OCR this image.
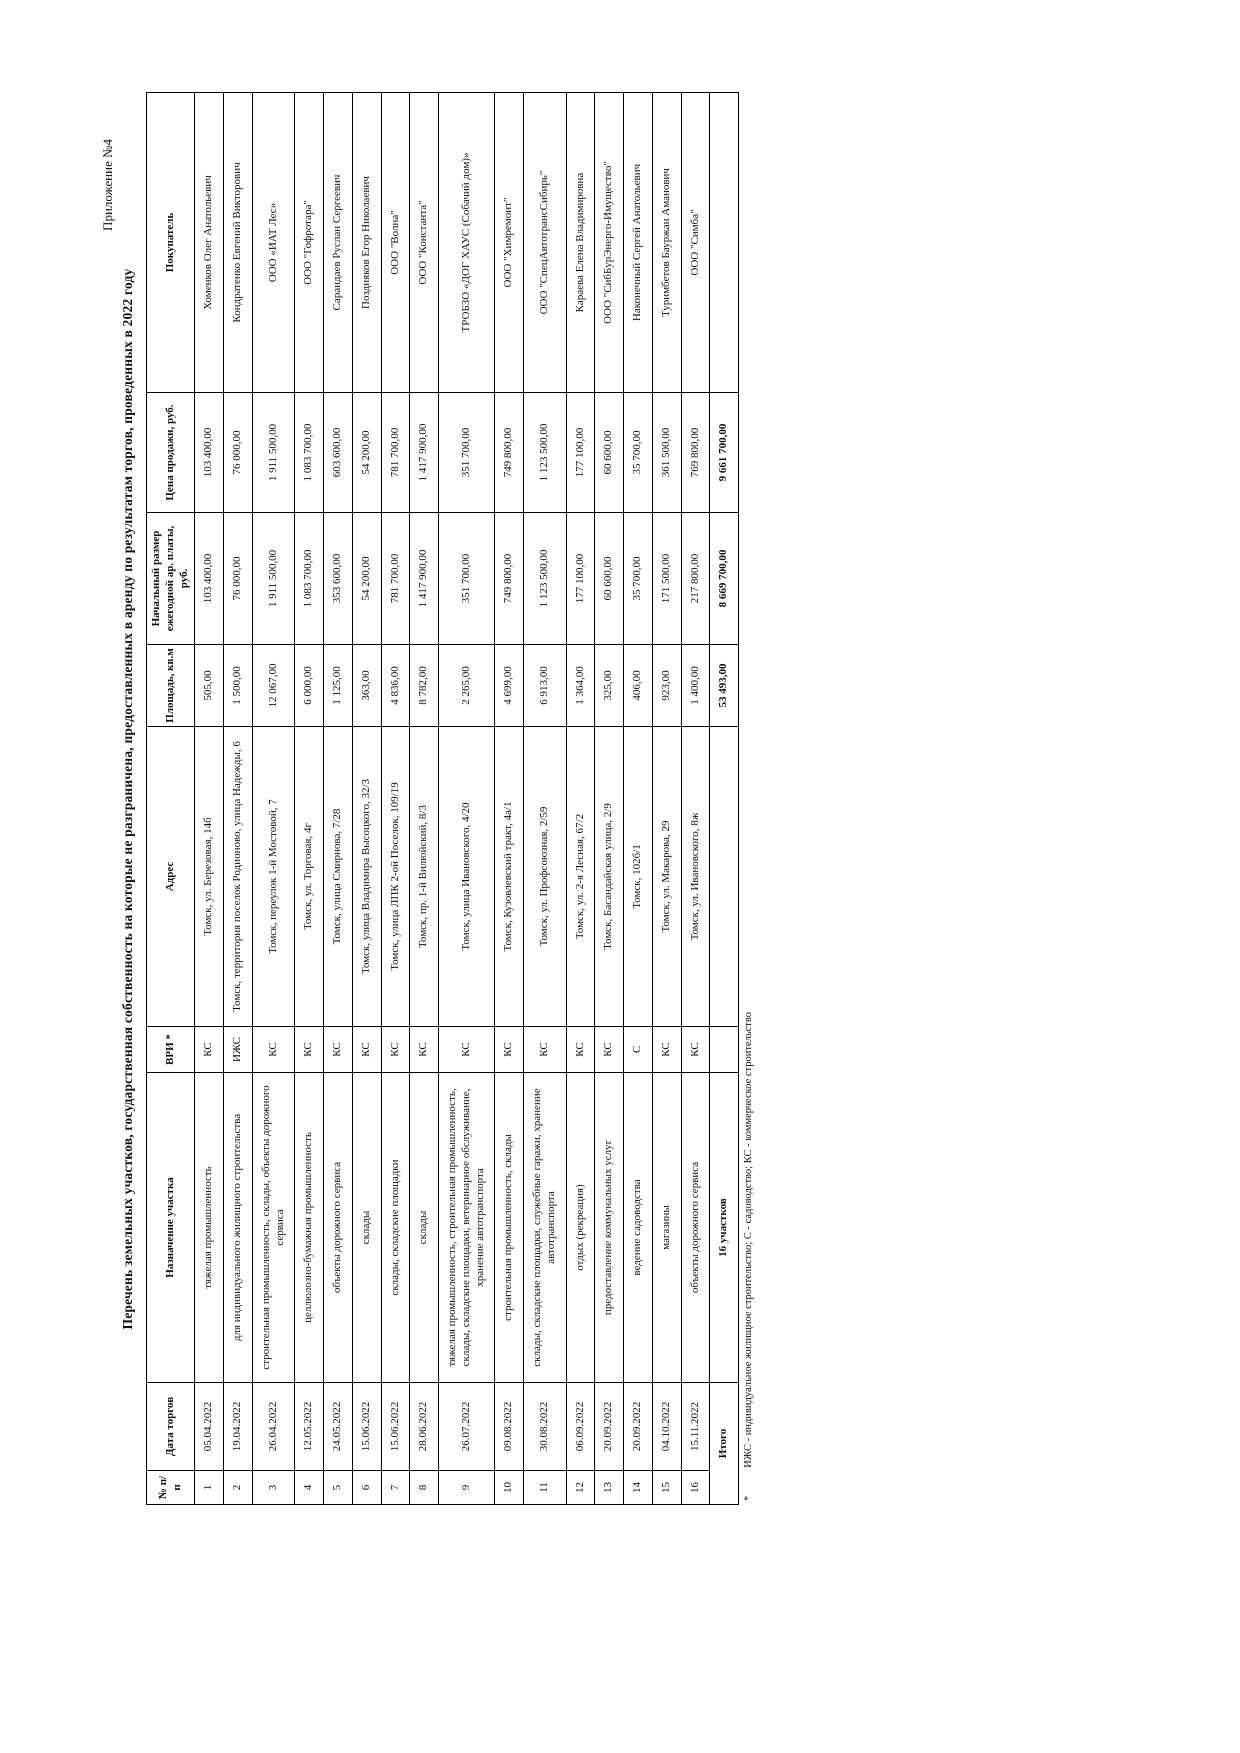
Приложение №4
Перечень земельных участков, государственная собственность на которые не разграничена, предоставленных в аренду по результатам торгов, проведенных в 2022 году
№ п/п	Дата торгов	Назначение участка	ВРИ *	Адрес	Площадь, кв.м	Начальный размер ежегодной ар. платы, руб.	Цена продажи, руб.	Покупатель
1	05.04.2022	тяжелая промышленность	КС	Томск, ул. Березовая, 14б	505,00	103 400,00	103 400,00	Хоменков Олег Анатольевич
2	19.04.2022	для индивидуального жилищного строительства	ИЖС	Томск, территория поселок Родионово, улица Надежды, 6	1 500,00	76 000,00	76 000,00	Кондратенко Евгений Викторович
3	26.04.2022	строительная промышленность, склады, объекты дорожного сервиса	КС	Томск, переулок 1-й Мостовой, 7	12 067,00	1 911 500,00	1 911 500,00	ООО «ИАТ Лес»
4	12.05.2022	целлюлозно-бумажная промышленность	КС	Томск, ул. Торговая, 4г	6 000,00	1 083 700,00	1 083 700,00	ООО "Гофротара"
5	24.05.2022	объекты дорожного сервиса	КС	Томск, улица Смирнова, 7/28	1 125,00	353 600,00	603 600,00	Сарандаев Руслан Сергеевич
6	15.06.2022	склады	КС	Томск, улица Владимира Высоцкого, 32/3	363,00	54 200,00	54 200,00	Поздняков Егор Николаевич
7	15.06.2022	склады, складские площадки	КС	Томск, улица ЛПК 2-ой Поселок, 109/19	4 836,00	781 700,00	781 700,00	ООО "Волна"
8	28.06.2022	склады	КС	Томск, пр. 1-й Вилюйский, 8/3	8 782,00	1 417 900,00	1 417 900,00	ООО "Константа"
9	26.07.2022	тяжелая промышленность, строительная промышленность, склады, складские площадки, ветеринарное обслуживание, хранение автотранспорта	КС	Томск, улица Ивановского, 4/20	2 265,00	351 700,00	351 700,00	ТРОБЗО «ДОГ ХАУС (Собачий дом)»
10	09.08.2022	строительная промышленность, склады	КС	Томск, Кузовлевский тракт, 4а/1	4 699,00	749 800,00	749 800,00	ООО "Химремонт"
11	30.08.2022	склады, складские площадки, служебные гаражи, хранение автотранспорта	КС	Томск, ул. Профсоюзная, 2/59	6 913,00	1 123 500,00	1 123 500,00	ООО "СпецАвтотрансСибирь"
12	06.09.2022	отдых (рекреация)	КС	Томск, ул. 2-я Лесная, 67/2	1 364,00	177 100,00	177 100,00	Караева Елена Владимировна
13	20.09.2022	предоставление коммунальных услуг	КС	Томск, Басандайская улица, 2/9	325,00	60 600,00	60 600,00	ООО "СибБурЭнерго-Имущество"
14	20.09.2022	ведение садоводства	С	Томск, 102б/1	406,00	35 700,00	35 700,00	Наконечный Сергей Анатольевич
15	04.10.2022	магазины	КС	Томск, ул. Макарова, 29	923,00	171 500,00	361 500,00	Туримбетов Бауржан Аманович
16	15.11.2022	объекты дорожного сервиса	КС	Томск, ул. Ивановского, 8ж	1 400,00	217 800,00	769 800,00	ООО "Симба"
Итого		16 участков			53 493,00	8 669 700,00	9 661 700,00	
*
ИЖС - индивидуальное жилищное строительство; С - садоводство; КС - коммерческое строительство
